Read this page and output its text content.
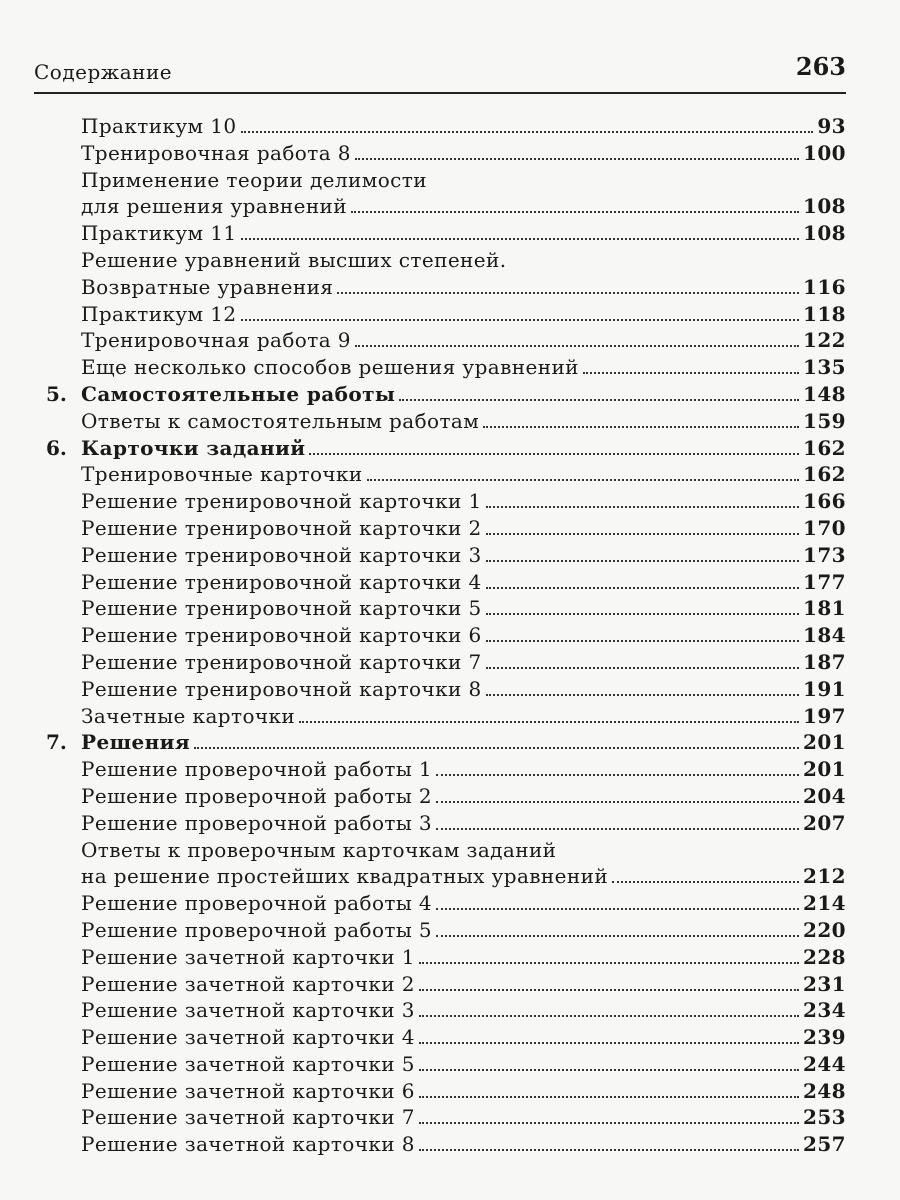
Содержание	263
Практикум 10	93
Тренировочная работа 8	100
Применение теории делимости
для решения уравнений	108
Практикум 11	108
Решение уравнений высших степеней.
Возвратные уравнения	116
Практикум 12	118
Тренировочная работа 9	122
Еще несколько способов решения уравнений	135
5. Самостоятельные работы	148
Ответы к самостоятельным работам	159
6. Карточки заданий	162
Тренировочные карточки	162
Решение тренировочной карточки 1	166
Решение тренировочной карточки 2	170
Решение тренировочной карточки 3	173
Решение тренировочной карточки 4	177
Решение тренировочной карточки 5	181
Решение тренировочной карточки 6	184
Решение тренировочной карточки 7	187
Решение тренировочной карточки 8	191
Зачетные карточки	197
7. Решения	201
Решение проверочной работы 1	201
Решение проверочной работы 2	204
Решение проверочной работы 3	207
Ответы к проверочным карточкам заданий
на решение простейших квадратных уравнений	212
Решение проверочной работы 4	214
Решение проверочной работы 5	220
Решение зачетной карточки 1	228
Решение зачетной карточки 2	231
Решение зачетной карточки 3	234
Решение зачетной карточки 4	239
Решение зачетной карточки 5	244
Решение зачетной карточки 6	248
Решение зачетной карточки 7	253
Решение зачетной карточки 8	257
